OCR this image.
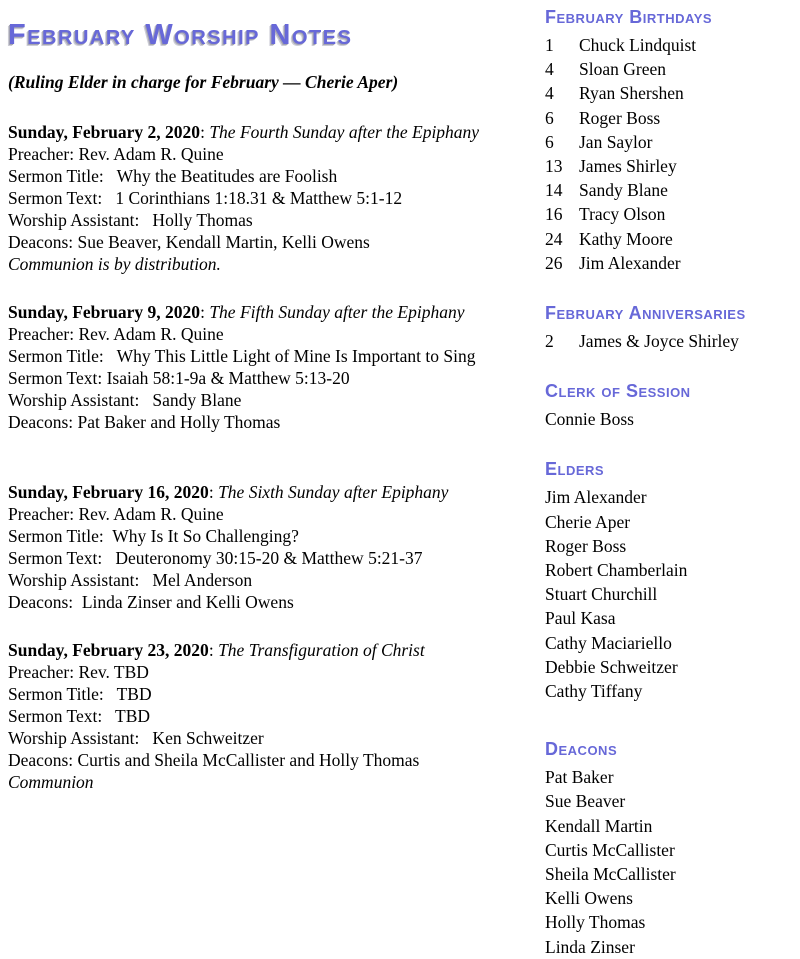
February Worship Notes

(Ruling Elder in charge for February — Cherie Aper)

Sunday, February 2, 2020: The Fourth Sunday after the Epiphany
Preacher: Rev. Adam R. Quine
Sermon Title:   Why the Beatitudes are Foolish
Sermon Text:   1 Corinthians 1:18.31 & Matthew 5:1-12
Worship Assistant:   Holly Thomas
Deacons: Sue Beaver, Kendall Martin, Kelli Owens
Communion is by distribution.
Sunday, February 9, 2020: The Fifth Sunday after the Epiphany
Preacher: Rev. Adam R. Quine
Sermon Title:   Why This Little Light of Mine Is Important to Sing
Sermon Text: Isaiah 58:1-9a & Matthew 5:13-20
Worship Assistant:   Sandy Blane
Deacons: Pat Baker and Holly Thomas
Sunday, February 16, 2020: The Sixth Sunday after Epiphany
Preacher: Rev. Adam R. Quine
Sermon Title:  Why Is It So Challenging?
Sermon Text:   Deuteronomy 30:15-20 & Matthew 5:21-37
Worship Assistant:   Mel Anderson
Deacons:  Linda Zinser and Kelli Owens
Sunday, February 23, 2020: The Transfiguration of Christ
Preacher: Rev. TBD
Sermon Title:   TBD
Sermon Text:   TBD
Worship Assistant:   Ken Schweitzer
Deacons: Curtis and Sheila McCallister and Holly Thomas
Communion
February Birthdays
1	Chuck Lindquist
4	Sloan Green
4	Ryan Shershen
6	Roger Boss
6	Jan Saylor
13 James Shirley
14 Sandy Blane
16 Tracy Olson
24 Kathy Moore
26 Jim Alexander
February Anniversaries
2	James & Joyce Shirley
Clerk of Session
Connie Boss
Elders
Jim Alexander
Cherie Aper
Roger Boss
Robert Chamberlain
Stuart Churchill
Paul Kasa
Cathy Maciariello
Debbie Schweitzer
Cathy Tiffany
Deacons
Pat Baker
Sue Beaver
Kendall Martin
Curtis McCallister
Sheila McCallister
Kelli Owens
Holly Thomas
Linda Zinser
